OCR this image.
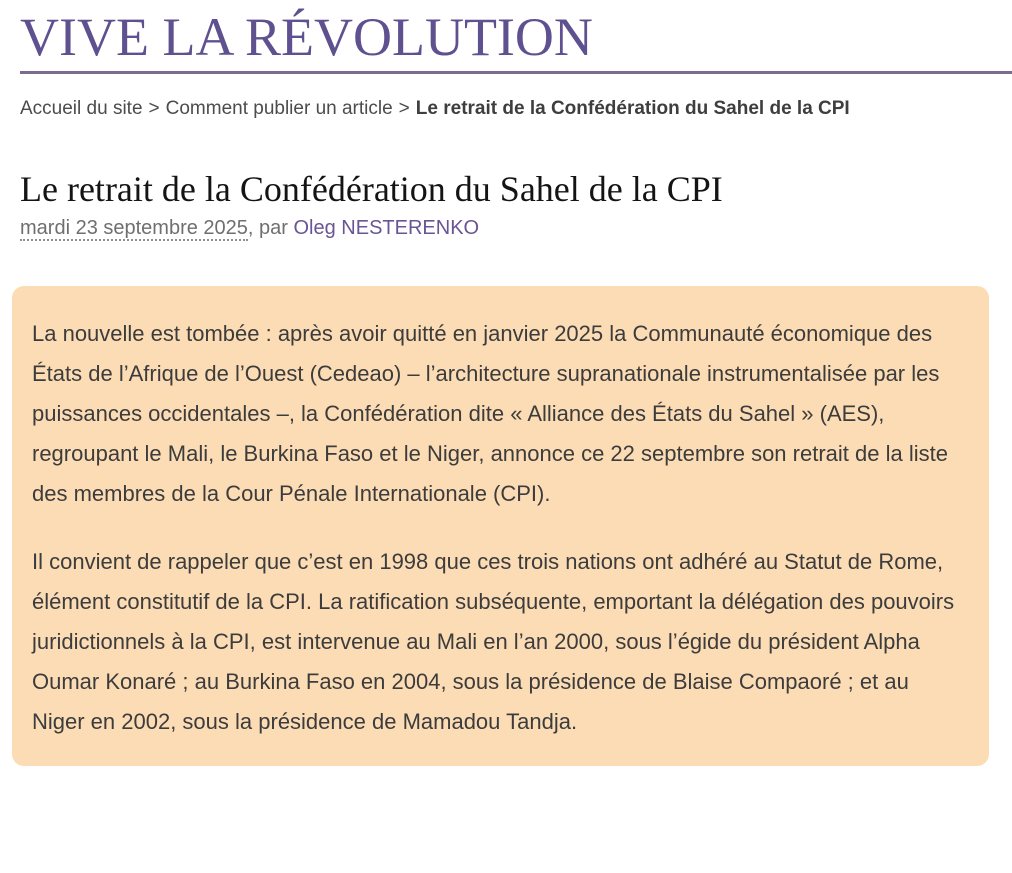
VIVE LA RÉVOLUTION
Accueil du site > Comment publier un article > Le retrait de la Confédération du Sahel de la CPI
Le retrait de la Confédération du Sahel de la CPI

mardi 23 septembre 2025, par Oleg NESTERENKO

La nouvelle est tombée : après avoir quitté en janvier 2025 la Communauté économique des États de l’Afrique de l’Ouest (Cedeao) – l’architecture supranationale instrumentalisée par les puissances occidentales –, la Confédération dite « Alliance des États du Sahel » (AES), regroupant le Mali, le Burkina Faso et le Niger, annonce ce 22 septembre son retrait de la liste des membres de la Cour Pénale Internationale (CPI).

Il convient de rappeler que c’est en 1998 que ces trois nations ont adhéré au Statut de Rome, élément constitutif de la CPI. La ratification subséquente, emportant la délégation des pouvoirs juridictionnels à la CPI, est intervenue au Mali en l’an 2000, sous l’égide du président Alpha Oumar Konaré ; au Burkina Faso en 2004, sous la présidence de Blaise Compaoré ; et au Niger en 2002, sous la présidence de Mamadou Tandja.
